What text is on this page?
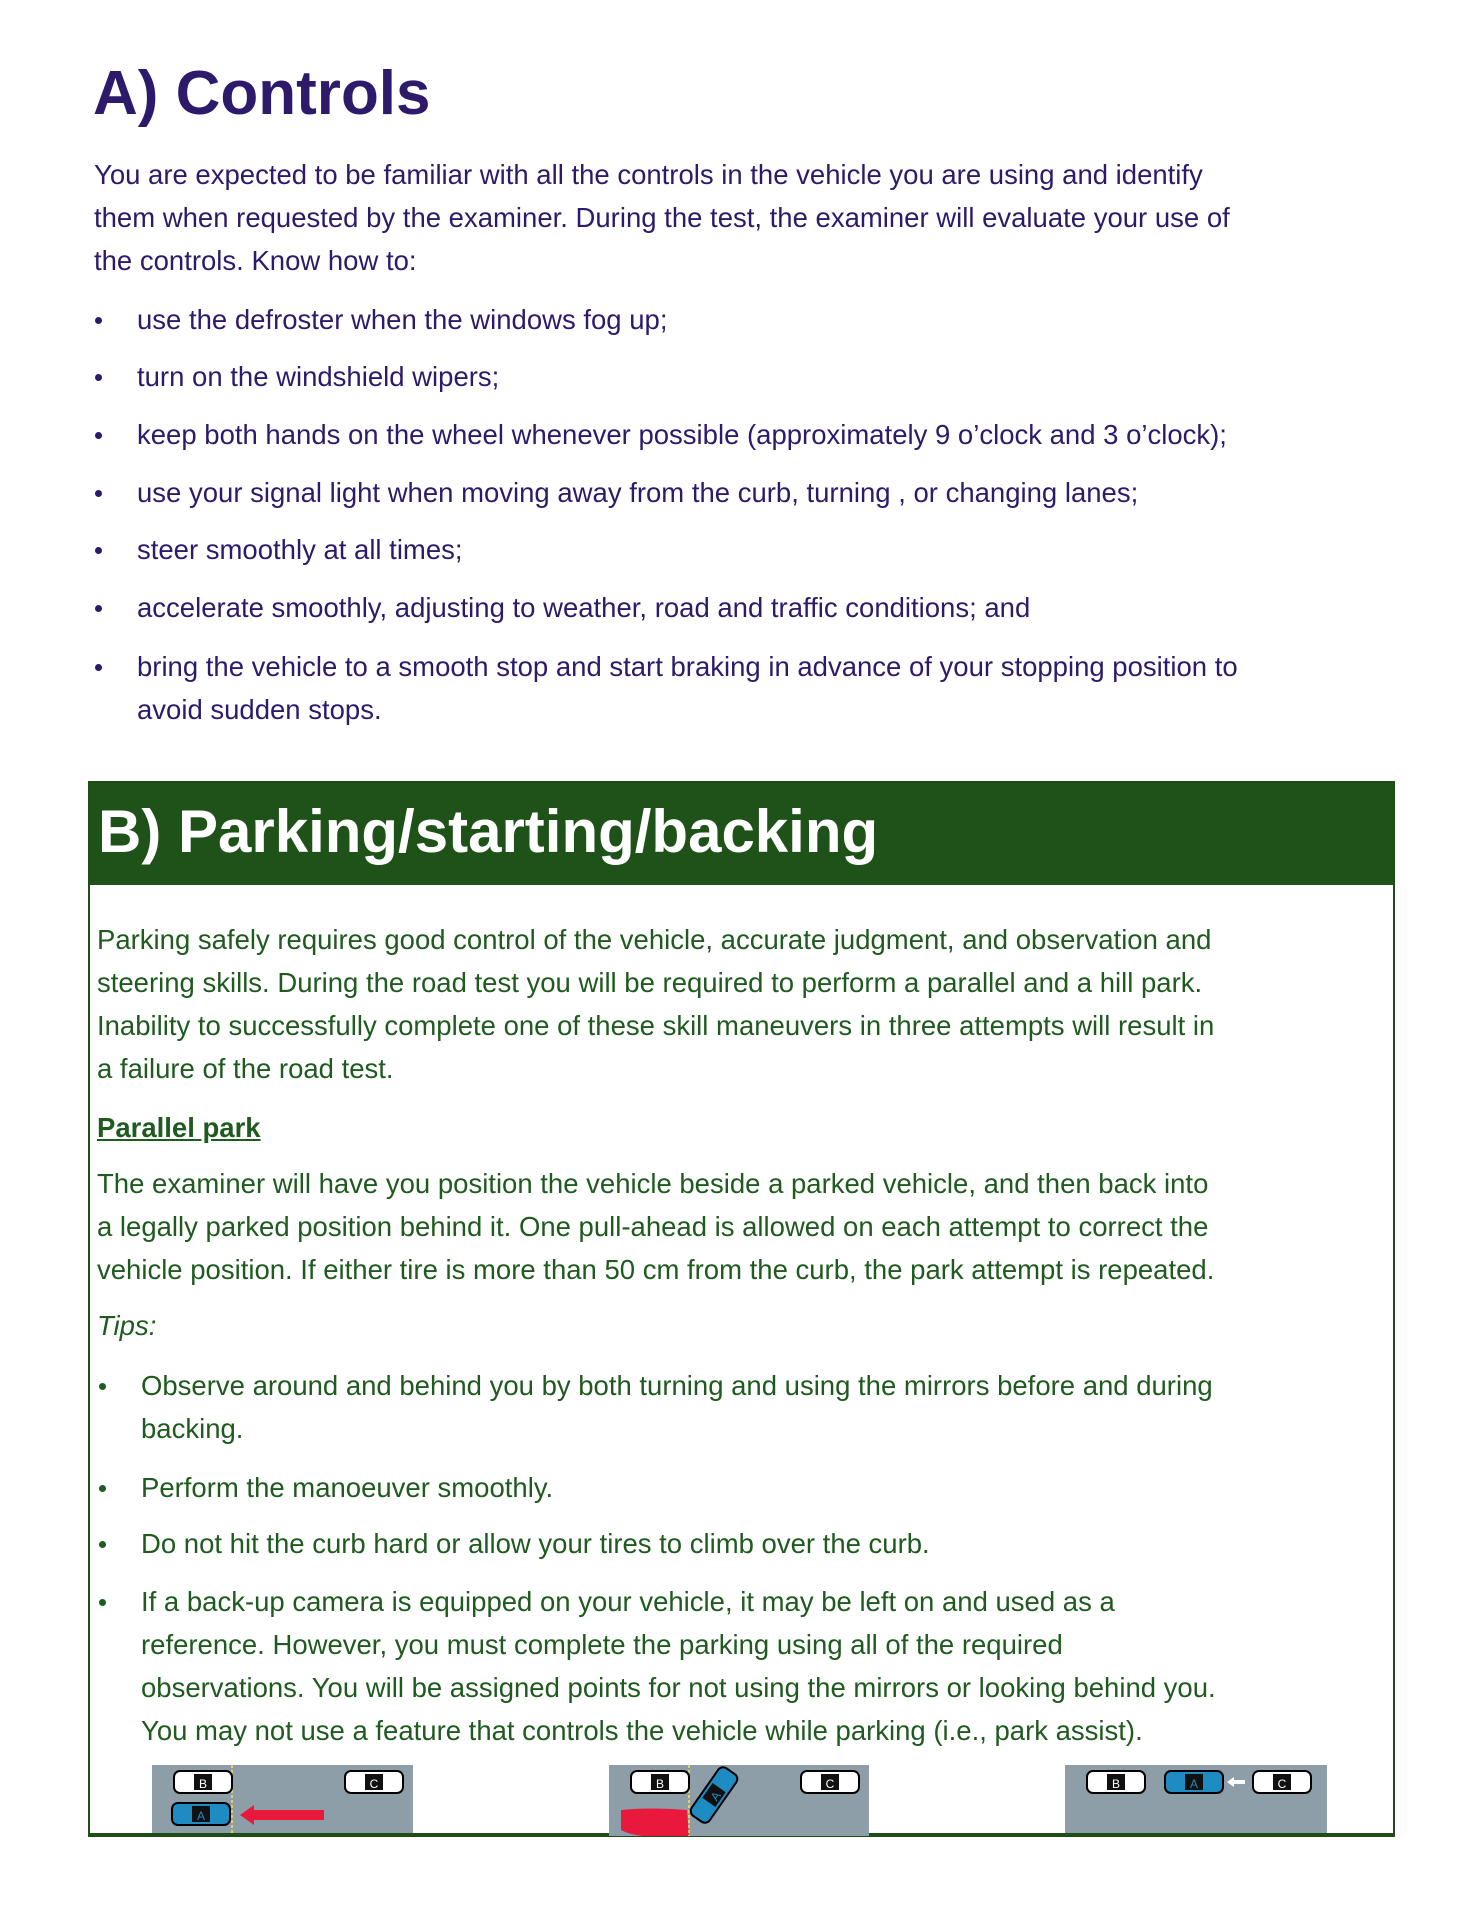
A) Controls
You are expected to be familiar with all the controls in the vehicle you are using and identify
them when requested by the examiner. During the test, the examiner will evaluate your use of
the controls. Know how to:
use the defroster when the windows fog up;
turn on the windshield wipers;
keep both hands on the wheel whenever possible (approximately 9 o’clock and 3 o’clock);
use your signal light when moving away from the curb, turning , or changing lanes;
steer smoothly at all times;
accelerate smoothly, adjusting to weather, road and traffic conditions; and
bring the vehicle to a smooth stop and start braking in advance of your stopping position to
avoid sudden stops.
B) Parking/starting/backing
Parking safely requires good control of the vehicle, accurate judgment, and observation and
steering skills. During the road test you will be required to perform a parallel and a hill park.
Inability to successfully complete one of these skill maneuvers in three attempts will result in
a failure of the road test.
Parallel park
The examiner will have you position the vehicle beside a parked vehicle, and then back into
a legally parked position behind it. One pull-ahead is allowed on each attempt to correct the
vehicle position. If either tire is more than 50 cm from the curb, the park attempt is repeated.
Tips:
Observe around and behind you by both turning and using the mirrors before and during
backing.
Perform the manoeuver smoothly.
Do not hit the curb hard or allow your tires to climb over the curb.
If a back-up camera is equipped on your vehicle, it may be left on and used as a
reference. However, you must complete the parking using all of the required
observations. You will be assigned points for not using the mirrors or looking behind you.
You may not use a feature that controls the vehicle while parking (i.e., park assist).
B	C
A
B	C
A
B	A	C
